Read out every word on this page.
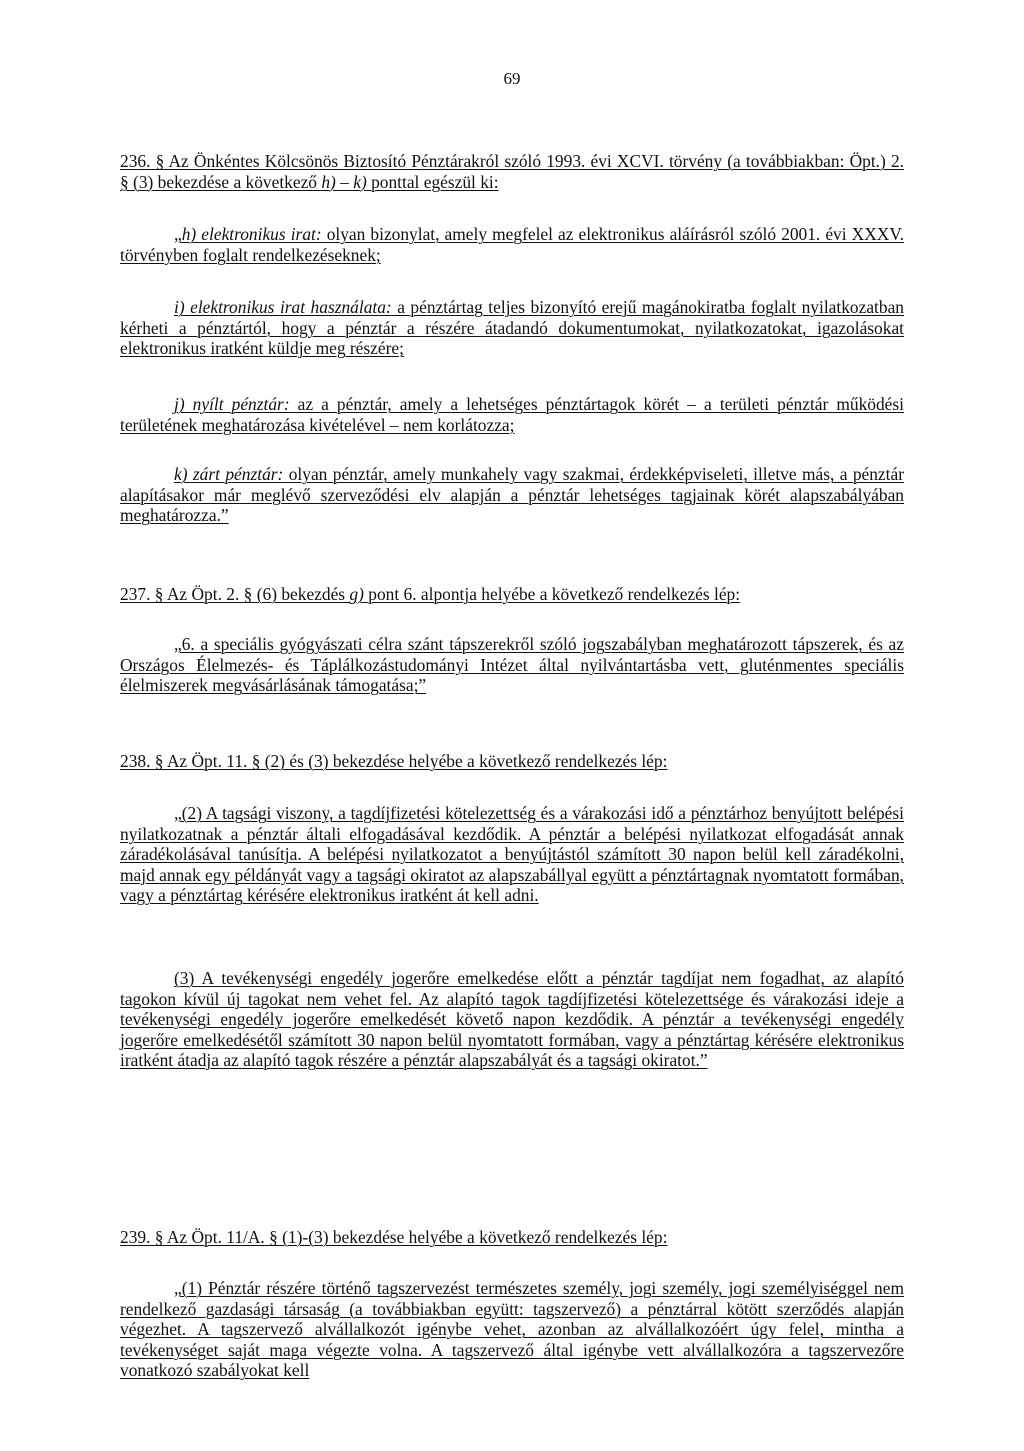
69

236. § Az Önkéntes Kölcsönös Biztosító Pénztárakról szóló 1993. évi XCVI. törvény (a továbbiakban: Öpt.) 2. § (3) bekezdése a következő h) – k) ponttal egészül ki:

„h) elektronikus irat: olyan bizonylat, amely megfelel az elektronikus aláírásról szóló 2001. évi XXXV. törvényben foglalt rendelkezéseknek;
i) elektronikus irat használata: a pénztártag teljes bizonyító erejű magánokiratba foglalt nyilatkozatban kérheti a pénztártól, hogy a pénztár a részére átadandó dokumentumokat, nyilatkozatokat, igazolásokat elektronikus iratként küldje meg részére;
j) nyílt pénztár: az a pénztár, amely a lehetséges pénztártagok körét – a területi pénztár működési területének meghatározása kivételével – nem korlátozza;
k) zárt pénztár: olyan pénztár, amely munkahely vagy szakmai, érdekképviseleti, illetve más, a pénztár alapításakor már meglévő szerveződési elv alapján a pénztár lehetséges tagjainak körét alapszabályában meghatározza.”
237. § Az Öpt. 2. § (6) bekezdés g) pont 6. alpontja helyébe a következő rendelkezés lép:
„6. a speciális gyógyászati célra szánt tápszerekről szóló jogszabályban meghatározott tápszerek, és az Országos Élelmezés- és Táplálkozástudományi Intézet által nyilvántartásba vett, gluténmentes speciális élelmiszerek megvásárlásának támogatása;”
238. § Az Öpt. 11. § (2) és (3) bekezdése helyébe a következő rendelkezés lép:
„(2) A tagsági viszony, a tagdíjfizetési kötelezettség és a várakozási idő a pénztárhoz benyújtott belépési nyilatkozatnak a pénztár általi elfogadásával kezdődik. A pénztár a belépési nyilatkozat elfogadását annak záradékolásával tanúsítja. A belépési nyilatkozatot a benyújtástól számított 30 napon belül kell záradékolni, majd annak egy példányát vagy a tagsági okiratot az alapszabállyal együtt a pénztártagnak nyomtatott formában, vagy a pénztártag kérésére elektronikus iratként át kell adni.
(3) A tevékenységi engedély jogerőre emelkedése előtt a pénztár tagdíjat nem fogadhat, az alapító tagokon kívül új tagokat nem vehet fel. Az alapító tagok tagdíjfizetési kötelezettsége és várakozási ideje a tevékenységi engedély jogerőre emelkedését követő napon kezdődik. A pénztár a tevékenységi engedély jogerőre emelkedésétől számított 30 napon belül nyomtatott formában, vagy a pénztártag kérésére elektronikus iratként átadja az alapító tagok részére a pénztár alapszabályát és a tagsági okiratot.”
239. § Az Öpt. 11/A. § (1)-(3) bekezdése helyébe a következő rendelkezés lép:
„(1) Pénztár részére történő tagszervezést természetes személy, jogi személy, jogi személyiséggel nem rendelkező gazdasági társaság (a továbbiakban együtt: tagszervező) a pénztárral kötött szerződés alapján végezhet. A tagszervező alvállalkozót igénybe vehet, azonban az alvállalkozóért úgy felel, mintha a tevékenységet saját maga végezte volna. A tagszervező által igénybe vett alvállalkozóra a tagszervezőre vonatkozó szabályokat kell
